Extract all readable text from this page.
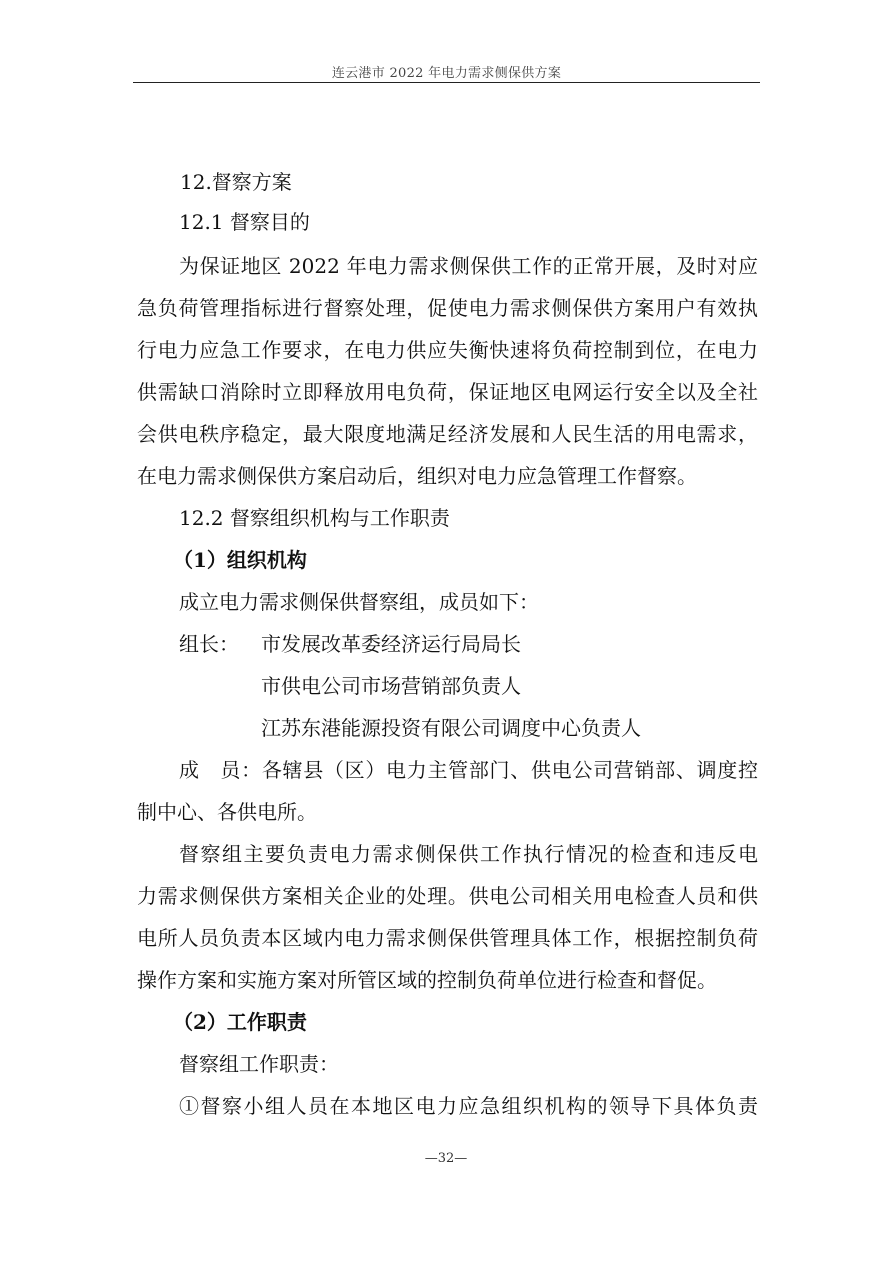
连云港市 2022 年电力需求侧保供方案
12.督察方案
12.1 督察目的
为保证地区 2022 年电力需求侧保供工作的正常开展，及时对应
急负荷管理指标进行督察处理，促使电力需求侧保供方案用户有效执
行电力应急工作要求，在电力供应失衡快速将负荷控制到位，在电力
供需缺口消除时立即释放用电负荷，保证地区电网运行安全以及全社
会供电秩序稳定，最大限度地满足经济发展和人民生活的用电需求，
在电力需求侧保供方案启动后，组织对电力应急管理工作督察。
12.2 督察组织机构与工作职责
（1）组织机构
成立电力需求侧保供督察组，成员如下：
组长： 市发展改革委经济运行局局长
市供电公司市场营销部负责人
江苏东港能源投资有限公司调度中心负责人
成　员：各辖县（区）电力主管部门、供电公司营销部、调度控
制中心、各供电所。
督察组主要负责电力需求侧保供工作执行情况的检查和违反电
力需求侧保供方案相关企业的处理。供电公司相关用电检查人员和供
电所人员负责本区域内电力需求侧保供管理具体工作，根据控制负荷
操作方案和实施方案对所管区域的控制负荷单位进行检查和督促。
（2）工作职责
督察组工作职责：
①督察小组人员在本地区电力应急组织机构的领导下具体负责
—32—
